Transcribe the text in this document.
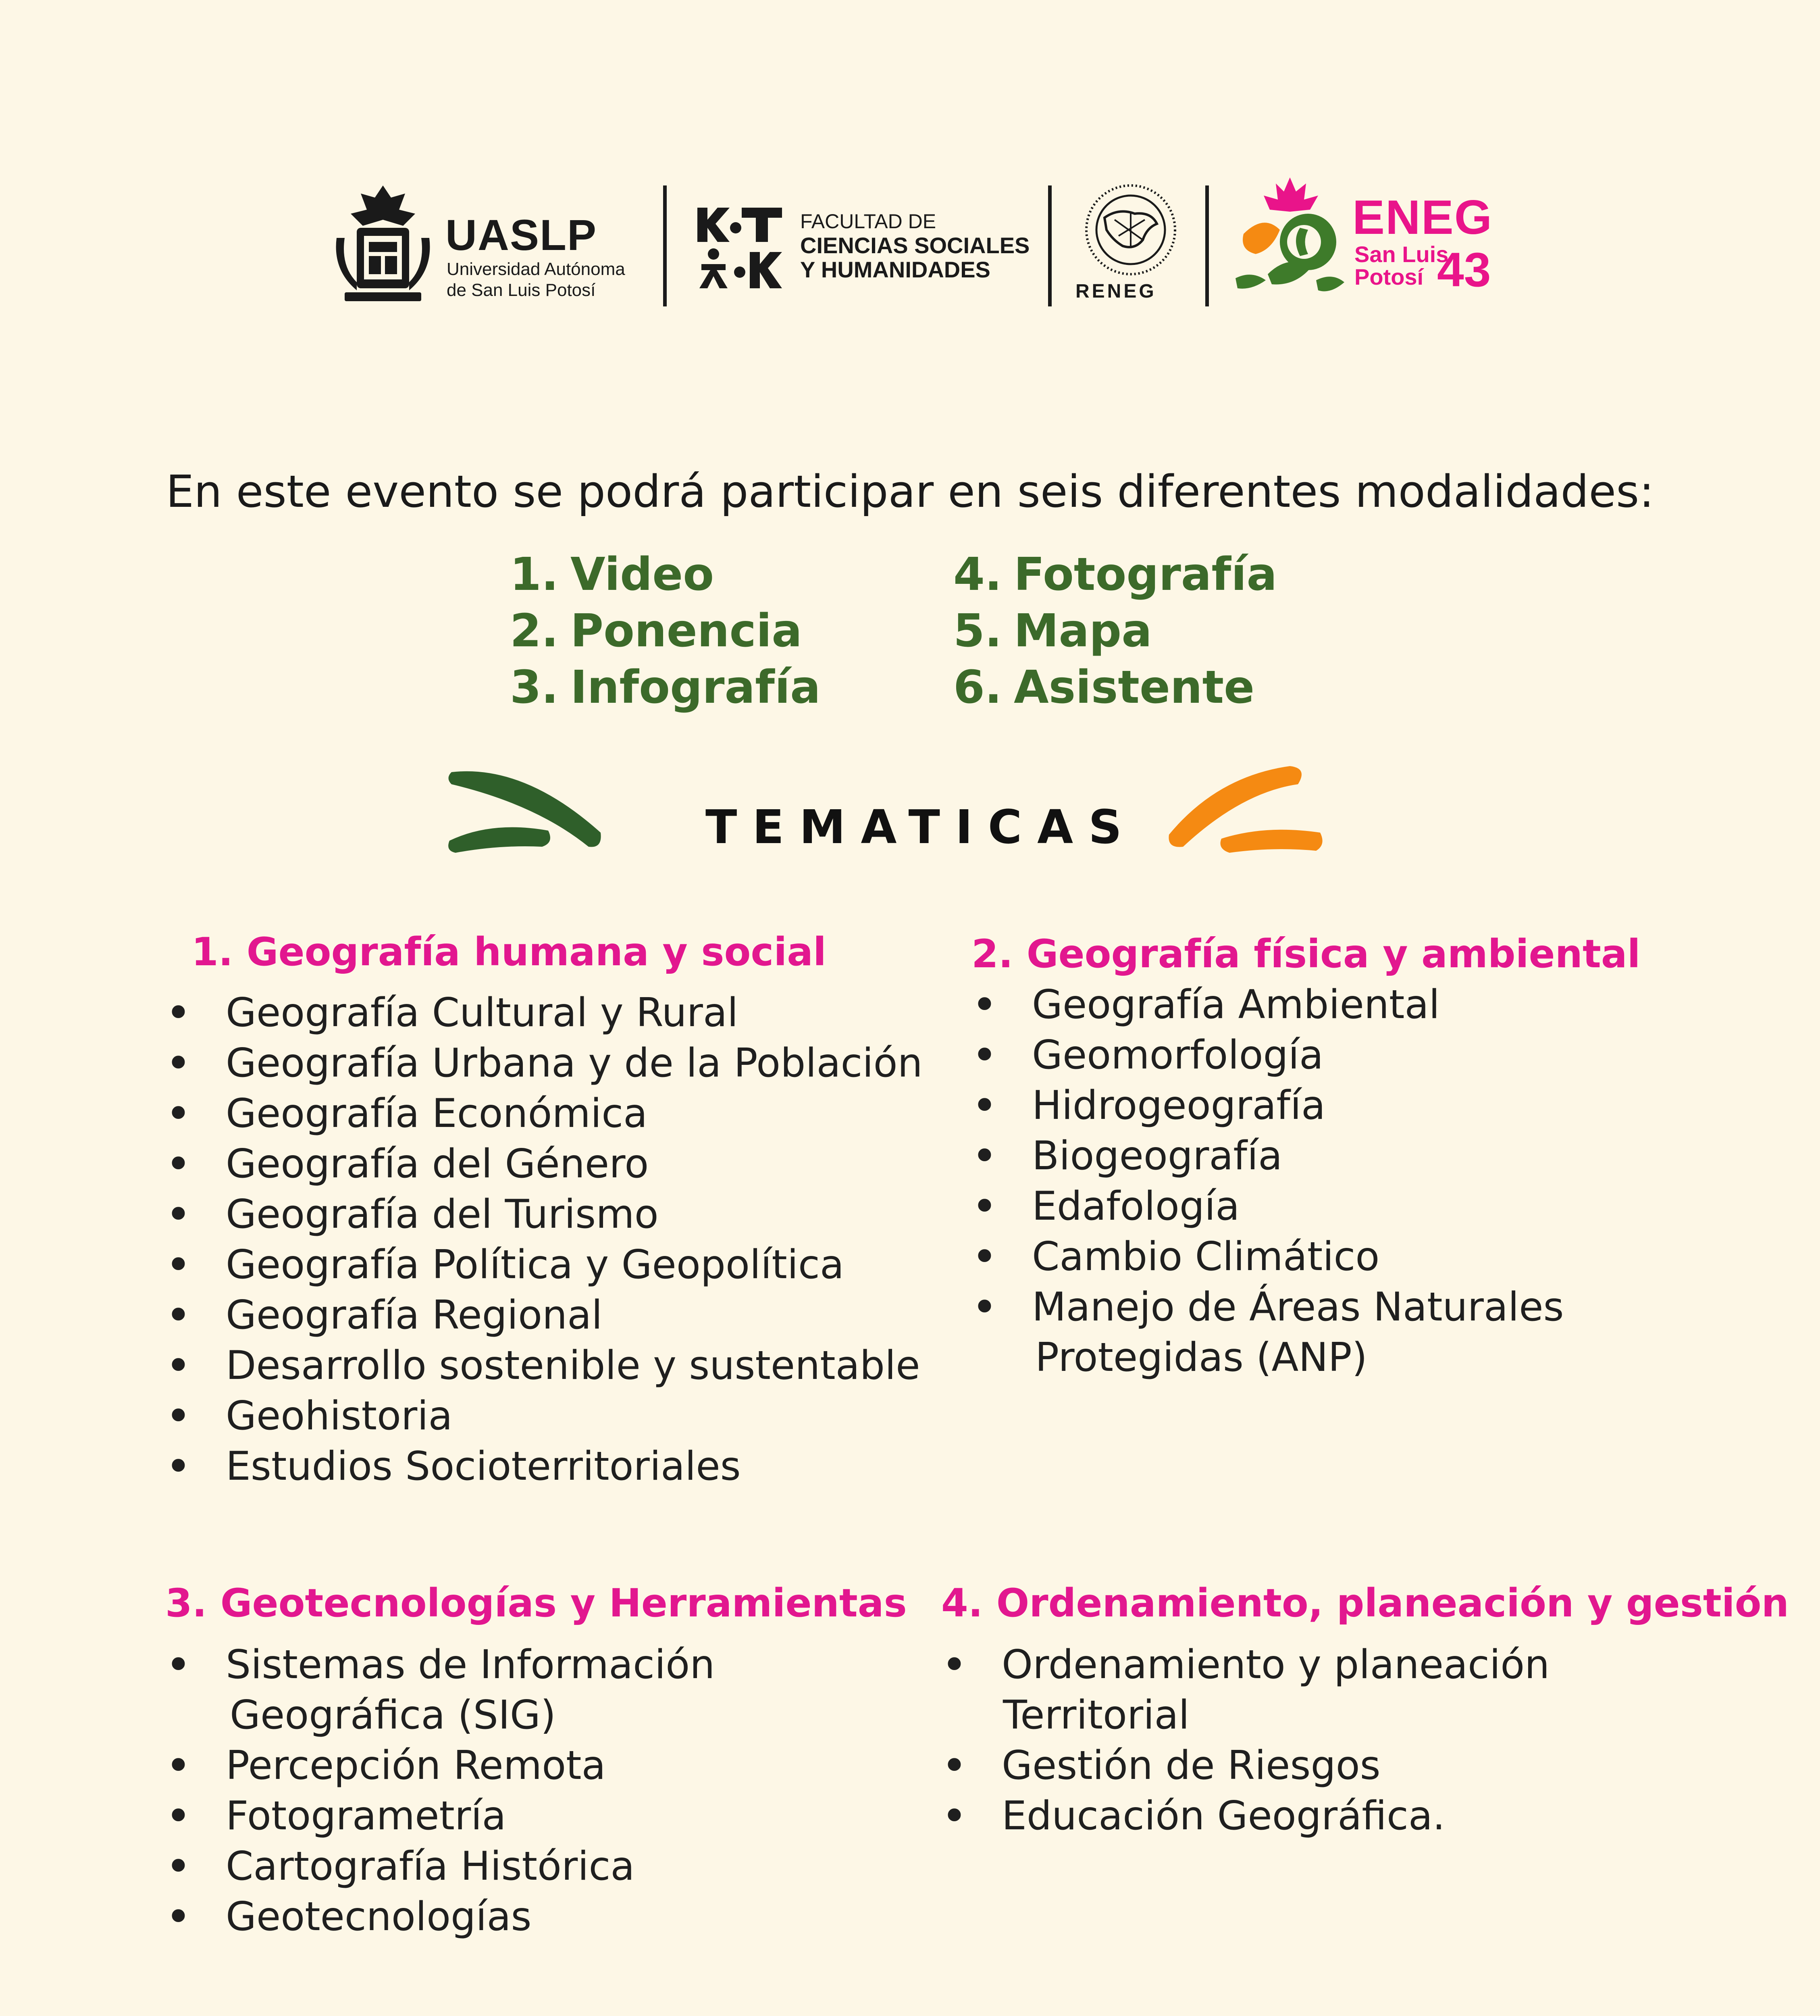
UASLP
Universidad Autónoma
de San Luis Potosí
FACULTAD DE
CIENCIAS SOCIALES
Y HUMANIDADES
RENEG
ENEG
San Luis
Potosí 43
En este evento se podrá participar en seis diferentes modalidades:
1. Video
2. Ponencia
3. Infografía
4. Fotografía
5. Mapa
6. Asistente
TEMATICAS
1. Geografía humana y social
• Geografía Cultural y Rural
• Geografía Urbana y de la Población
• Geografía Económica
• Geografía del Género
• Geografía del Turismo
• Geografía Política y Geopolítica
• Geografía Regional
• Desarrollo sostenible y sustentable
• Geohistoria
• Estudios Socioterritoriales
2. Geografía física y ambiental
• Geografía Ambiental
• Geomorfología
• Hidrogeografía
• Biogeografía
• Edafología
• Cambio Climático
• Manejo de Áreas Naturales
Protegidas (ANP)
3. Geotecnologías y Herramientas
• Sistemas de Información
Geográfica (SIG)
• Percepción Remota
• Fotogrametría
• Cartografía Histórica
• Geotecnologías
4. Ordenamiento, planeación y gestión
• Ordenamiento y planeación
Territorial
• Gestión de Riesgos
• Educación Geográfica.
